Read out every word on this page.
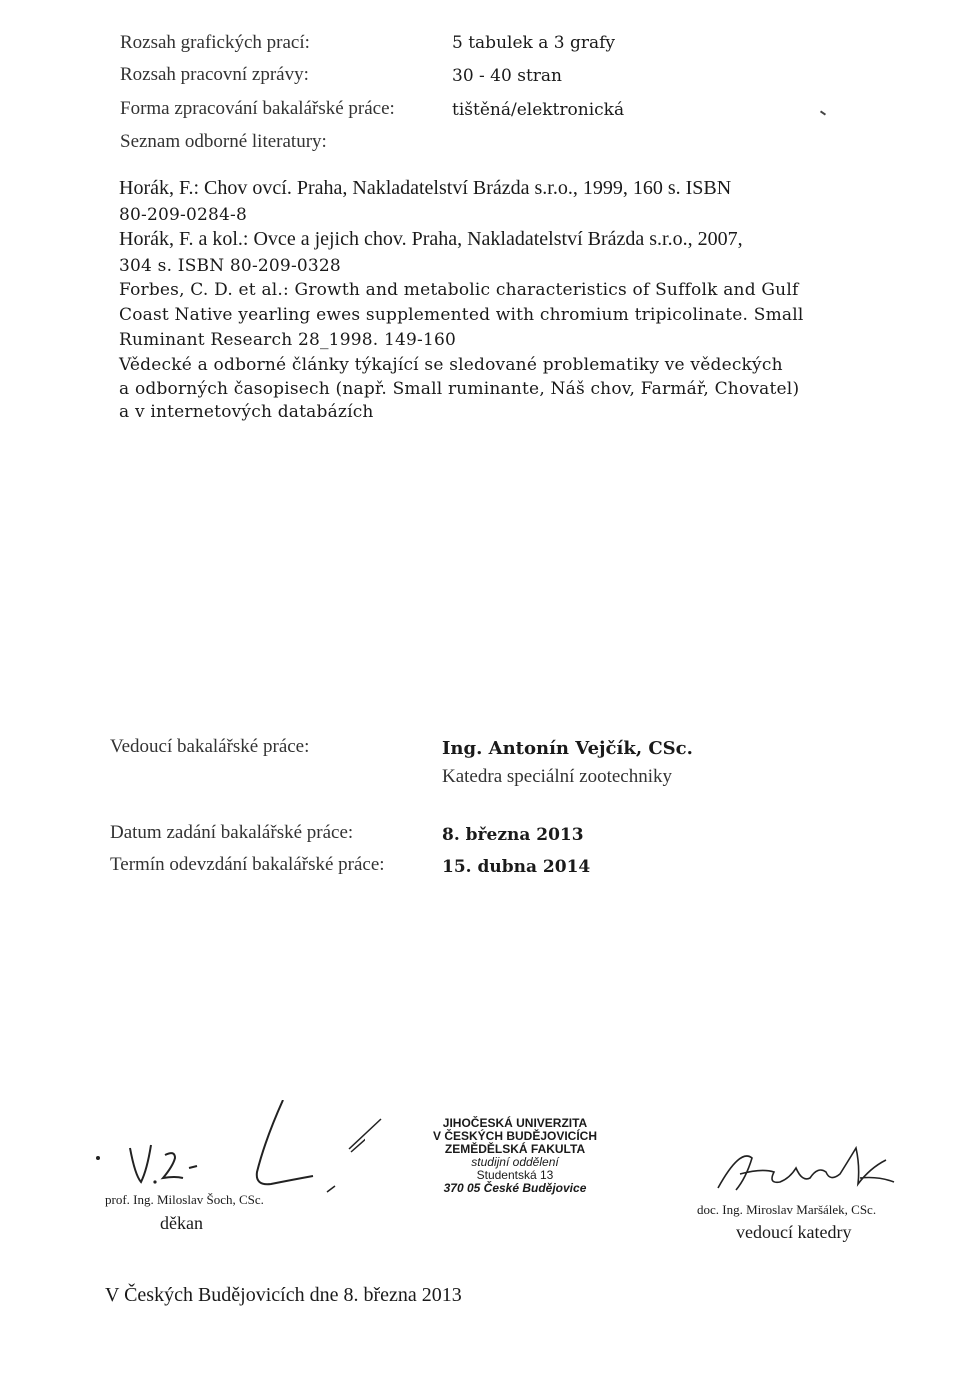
Rozsah grafických prací:	5 tabulek a 3 grafy
Rozsah pracovní zprávy:	30 - 40 stran
Forma zpracování bakalářské práce:	tištěná/elektronická
Seznam odborné literatury:
Horák, F.: Chov ovcí. Praha, Nakladatelství Brázda s.r.o., 1999, 160 s. ISBN
80-209-0284-8
Horák, F. a kol.: Ovce a jejich chov. Praha, Nakladatelství Brázda s.r.o., 2007,
304 s. ISBN 80-209-0328
Forbes, C. D. et al.: Growth and metabolic characteristics of Suffolk and Gulf
Coast Native yearling ewes supplemented with chromium tripicolinate. Small
Ruminant Research 28_1998. 149-160
Vědecké a odborné články týkající se sledované problematiky ve vědeckých
a odborných časopisech (např. Small ruminante, Náš chov, Farmář, Chovatel)
a v internetových databázích
Vedoucí bakalářské práce:	Ing. Antonín Vejčík, CSc.
Katedra speciální zootechniky
Datum zadání bakalářské práce:	8. března 2013
Termín odevzdání bakalářské práce:	15. dubna 2014
prof. Ing. Miloslav Šoch, CSc.
děkan
JIHOČESKÁ UNIVERZITA
V ČESKÝCH BUDĚJOVICÍCH
ZEMĚDĚLSKÁ FAKULTA
studijní oddělení
Studentská 13
370 05 České Budějovice
doc. Ing. Miroslav Maršálek, CSc.
vedoucí katedry
V Českých Budějovicích dne 8. března 2013
